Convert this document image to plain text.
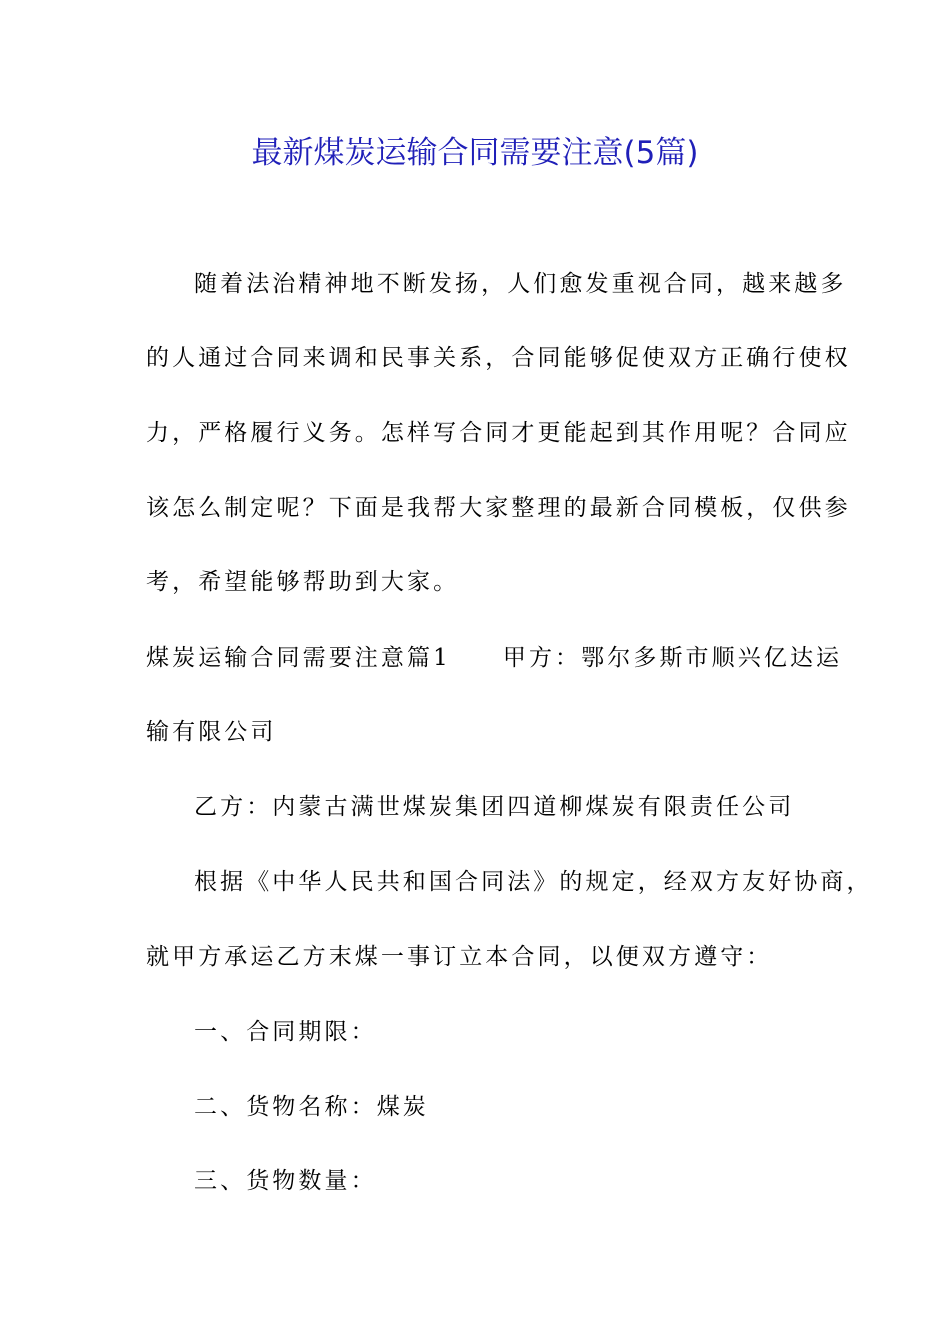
最新煤炭运输合同需要注意(5篇)
随着法治精神地不断发扬，人们愈发重视合同，越来越多
的人通过合同来调和民事关系，合同能够促使双方正确行使权
力，严格履行义务。怎样写合同才更能起到其作用呢？合同应
该怎么制定呢？下面是我帮大家整理的最新合同模板，仅供参
考，希望能够帮助到大家。
煤炭运输合同需要注意篇1 甲方：鄂尔多斯市顺兴亿达运
输有限公司
乙方：内蒙古满世煤炭集团四道柳煤炭有限责任公司
根据《中华人民共和国合同法》的规定，经双方友好协商，
就甲方承运乙方末煤一事订立本合同，以便双方遵守：
一、合同期限：
二、货物名称：煤炭
三、货物数量：
